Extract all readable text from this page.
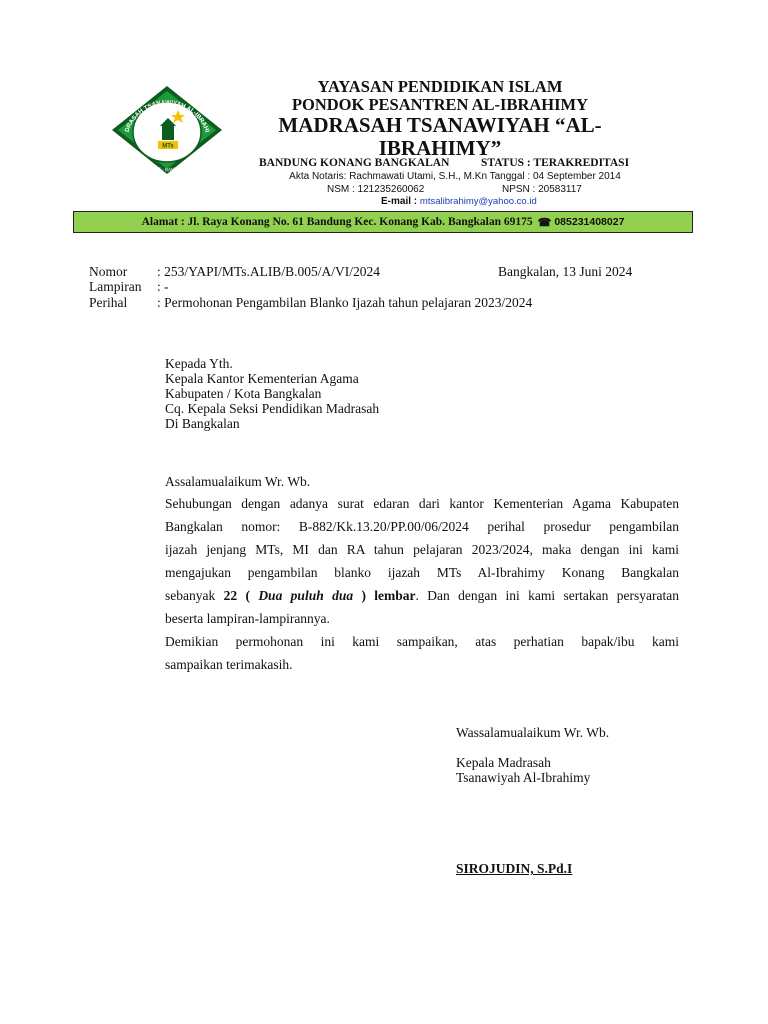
DRASAH TSANAWIYAH AL-IBRAHI
MTs
KONANG - BANGKALAN
YAYASAN PENDIDIKAN ISLAM
PONDOK PESANTREN AL-IBRAHIMY
MADRASAH TSANAWIYAH “AL-
IBRAHIMY”
BANDUNG KONANG BANGKALAN	STATUS : TERAKREDITASI
Akta Notaris: Rachmawati Utami, S.H., M.Kn Tanggal : 04 September 2014
NSM : 121235260062	NPSN : 20583117
E-mail : mtsalibrahimy@yahoo.co.id
Alamat : Jl. Raya Konang No. 61 Bandung Kec. Konang Kab. Bangkalan 69175 ☎ 085231408027
Nomor : 253/YAPI/MTs.ALIB/B.005/A/VI/2024	Bangkalan, 13 Juni 2024
Lampiran : -
Perihal : Permohonan Pengambilan Blanko Ijazah tahun pelajaran 2023/2024
Kepada Yth.
Kepala Kantor Kementerian Agama
Kabupaten / Kota Bangkalan
Cq. Kepala Seksi Pendidikan Madrasah
Di Bangkalan
Assalamualaikum Wr. Wb.
Sehubungan dengan adanya surat edaran dari kantor Kementerian Agama Kabupaten
Bangkalan nomor: B-882/Kk.13.20/PP.00/06/2024 perihal prosedur pengambilan
ijazah jenjang MTs, MI dan RA tahun pelajaran 2023/2024, maka dengan ini kami
mengajukan pengambilan blanko ijazah MTs Al-Ibrahimy Konang Bangkalan
sebanyak 22 ( Dua puluh dua ) lembar. Dan dengan ini kami sertakan persyaratan
beserta lampiran-lampirannya.
Demikian permohonan ini kami sampaikan, atas perhatian bapak/ibu kami
sampaikan terimakasih.
Wassalamualaikum Wr. Wb.
Kepala Madrasah
Tsanawiyah Al-Ibrahimy
SIROJUDIN, S.Pd.I
